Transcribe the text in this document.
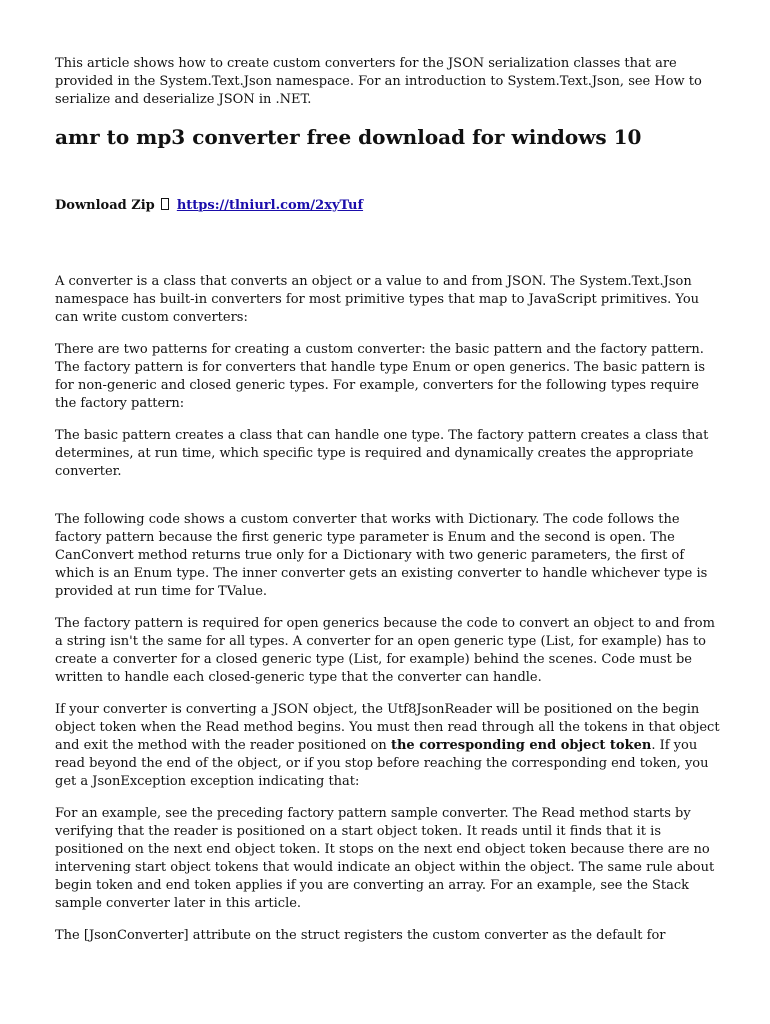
This article shows how to create custom converters for the JSON serialization classes that are provided in the System.Text.Json namespace. For an introduction to System.Text.Json, see How to serialize and deserialize JSON in .NET.

amr to mp3 converter free download for windows 10

Download Zip https://tlniurl.com/2xyTuf

A converter is a class that converts an object or a value to and from JSON. The System.Text.Json namespace has built-in converters for most primitive types that map to JavaScript primitives. You can write custom converters:

There are two patterns for creating a custom converter: the basic pattern and the factory pattern. The factory pattern is for converters that handle type Enum or open generics. The basic pattern is for non-generic and closed generic types. For example, converters for the following types require the factory pattern:

The basic pattern creates a class that can handle one type. The factory pattern creates a class that determines, at run time, which specific type is required and dynamically creates the appropriate converter.

The following code shows a custom converter that works with Dictionary. The code follows the factory pattern because the first generic type parameter is Enum and the second is open. The CanConvert method returns true only for a Dictionary with two generic parameters, the first of which is an Enum type. The inner converter gets an existing converter to handle whichever type is provided at run time for TValue.

The factory pattern is required for open generics because the code to convert an object to and from a string isn't the same for all types. A converter for an open generic type (List, for example) has to create a converter for a closed generic type (List, for example) behind the scenes. Code must be written to handle each closed-generic type that the converter can handle.

If your converter is converting a JSON object, the Utf8JsonReader will be positioned on the begin object token when the Read method begins. You must then read through all the tokens in that object and exit the method with the reader positioned on the corresponding end object token. If you read beyond the end of the object, or if you stop before reaching the corresponding end token, you get a JsonException exception indicating that:

For an example, see the preceding factory pattern sample converter. The Read method starts by verifying that the reader is positioned on a start object token. It reads until it finds that it is positioned on the next end object token. It stops on the next end object token because there are no intervening start object tokens that would indicate an object within the object. The same rule about begin token and end token applies if you are converting an array. For an example, see the Stack sample converter later in this article.

The [JsonConverter] attribute on the struct registers the custom converter as the default for
